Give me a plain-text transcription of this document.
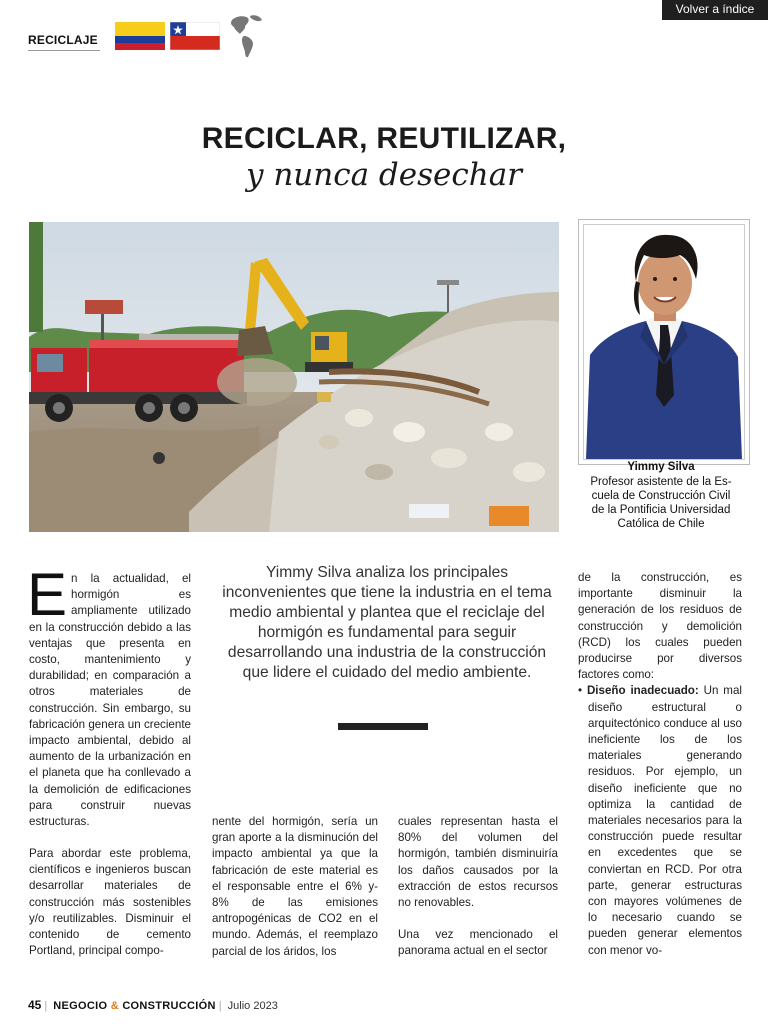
Volver a índice
RECICLAJE
RECICLAR, REUTILIZAR,
y nunca desechar
Yimmy Silva
Profesor asistente de la Es-
cuela de Construcción Civil
de la Pontificia Universidad
Católica de Chile
Yimmy Silva analiza los principales inconvenientes que tiene la industria en el tema medio ambiental y plantea que el reciclaje del hormigón es fundamental para seguir desarrollando una industria de la construcción que lidere el cuidado del medio ambiente.

En la actualidad, el hormigón es ampliamente utilizado en la construcción debido a las ventajas que presenta en costo, mantenimiento y durabilidad; en comparación a otros materiales de construcción. Sin embargo, su fabricación genera un creciente impacto ambiental, debido al aumento de la urbanización en el planeta que ha conllevado a la demolición de edificaciones para construir nuevas estructuras.

Para abordar este problema, científicos e ingenieros buscan desarrollar materiales de construcción más sostenibles y/o reutilizables. Disminuir el contenido de cemento Portland, principal compo-

nente del hormigón, sería un gran aporte a la disminución del impacto ambiental ya que la fabricación de este material es el responsable entre el 6% y-8% de las emisiones antropogénicas de CO2 en el mundo. Además, el reemplazo parcial de los áridos, los

cuales representan hasta el 80% del volumen del hormigón, también disminuiría los daños causados por la extracción de estos recursos no renovables.

Una vez mencionado el panorama actual en el sector

de la construcción, es importante disminuir la generación de los residuos de construcción y demolición (RCD) los cuales pueden producirse por diversos factores como:

• Diseño inadecuado: Un mal diseño estructural o arquitectónico conduce al uso ineficiente los de los materiales generando residuos. Por ejemplo, un diseño ineficiente que no optimiza la cantidad de materiales necesarios para la construcción puede resultar en excedentes que se conviertan en RCD. Por otra parte, generar estructuras con mayores volúmenes de lo necesario cuando se pueden generar elementos con menor vo-

45 | NEGOCIO & CONSTRUCCIÓN | Julio 2023
